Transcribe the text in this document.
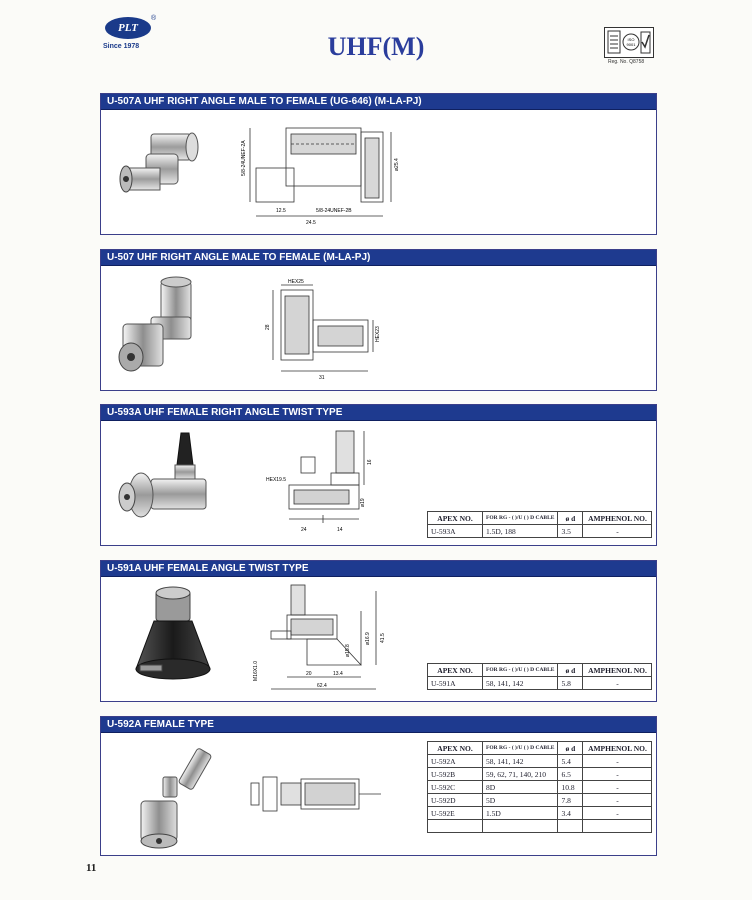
PLT
®
Since 1978	UHF(M)	ISO
9001
Reg. No. Q8758
U-507A UHF RIGHT ANGLE MALE TO FEMALE (UG-646) (M-LA-PJ)
12.5	5/8-24UNEF-2B
24.5
5/8-24UNEF-2A	ø25.4
U-507 UHF RIGHT ANGLE MALE TO FEMALE (M-LA-PJ)
HEX25
28	HEX23
31
U-593A UHF FEMALE RIGHT ANGLE TWIST TYPE
HEX19.5
16
ø19
24	14
APEX NO.	FOR RG - ( )/U ( ) D CABLE	ø d	AMPHENOL NO.
U-593A	1.5D, 188	3.5	-
U-591A UHF FEMALE ANGLE TWIST TYPE
M16X1.0
ø15.8
ø16.9 41.5
20	13.4
62.4
APEX NO.	FOR RG - ( )/U ( ) D CABLE	ø d	AMPHENOL NO.
U-591A	58, 141, 142	5.8	-
U-592A FEMALE TYPE
APEX NO.	FOR RG - ( )/U ( ) D CABLE	ø d	AMPHENOL NO.
U-592A	58, 141, 142	5.4	-
U-592B	59, 62, 71, 140, 210	6.5	-
U-592C	8D	10.8	-
U-592D	5D	7.8	-
U-592E	1.5D	3.4	-

11
